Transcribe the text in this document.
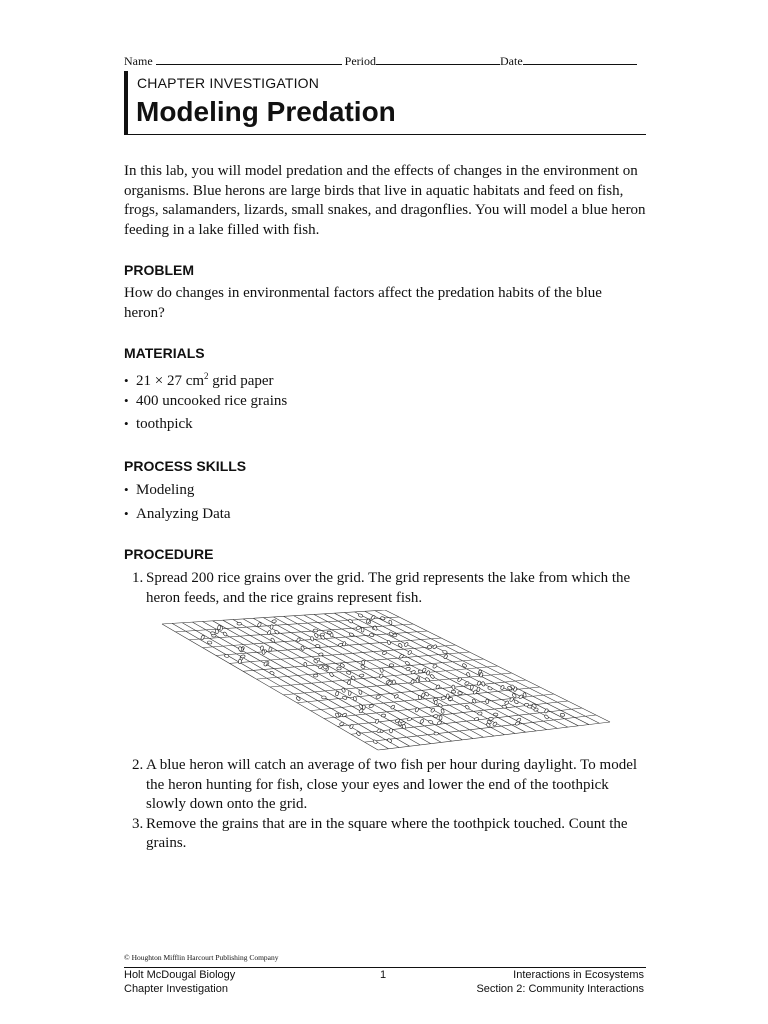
Name	Period	Date
CHAPTER INVESTIGATION
Modeling Predation
In this lab, you will model predation and the effects of changes in the environment on organisms. Blue herons are large birds that live in aquatic habitats and feed on fish, frogs, salamanders, lizards, small snakes, and dragonflies. You will model a blue heron feeding in a lake filled with fish.
PROBLEM
How do changes in environmental factors affect the predation habits of the blue heron?
MATERIALS
• 21 × 27 $cm^2$ grid paper
• 400 uncooked rice grains
• toothpick
PROCESS SKILLS
• Modeling
• Analyzing Data
PROCEDURE
1. Spread 200 rice grains over the grid. The grid represents the lake from which the heron feeds, and the rice grains represent fish.
2. A blue heron will catch an average of two fish per hour during daylight. To model the heron hunting for fish, close your eyes and lower the end of the toothpick slowly down onto the grid.
3. Remove the grains that are in the square where the toothpick touched. Count the grains.
© Houghton Mifflin Harcourt Publishing Company
Holt McDougal Biology
Chapter Investigation
1	Interactions in Ecosystems
Section 2: Community Interactions
